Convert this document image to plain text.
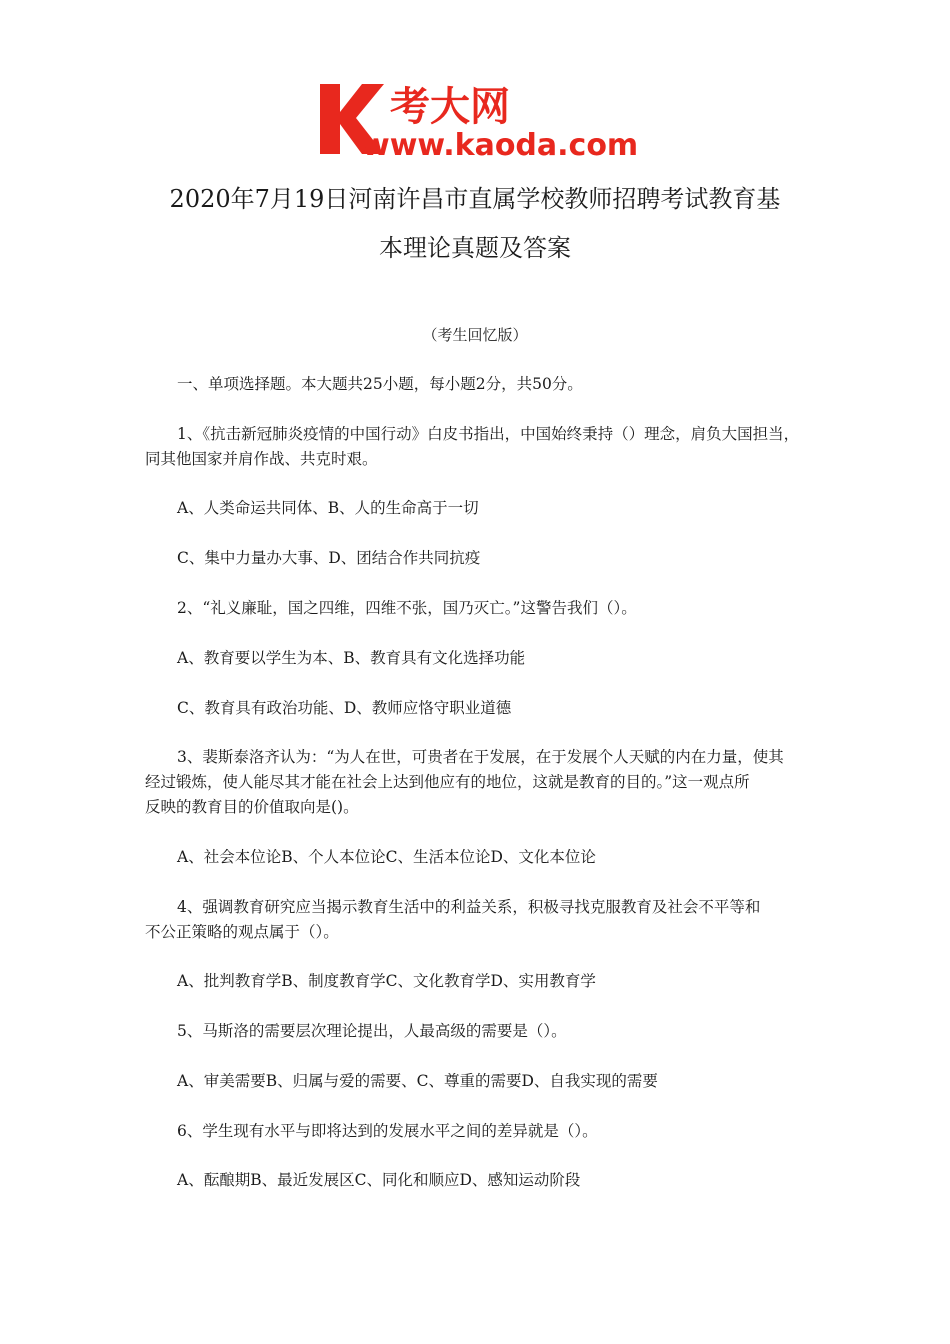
考大网
www.kaoda.com
2020年7月19日河南许昌市直属学校教师招聘考试教育基
本理论真题及答案
（考生回忆版）
一、单项选择题。本大题共25小题，每小题2分，共50分。
1、《抗击新冠肺炎疫情的中国行动》白皮书指出，中国始终秉持（）理念，肩负大国担当，
同其他国家并肩作战、共克时艰。
A、人类命运共同体、B、人的生命高于一切
C、集中力量办大事、D、团结合作共同抗疫
2、“礼义廉耻，国之四维，四维不张，国乃灭亡。”这警告我们（）。
A、教育要以学生为本、B、教育具有文化选择功能
C、教育具有政治功能、D、教师应恪守职业道德
3、裴斯泰洛齐认为：“为人在世，可贵者在于发展，在于发展个人天赋的内在力量，使其
经过锻炼，使人能尽其才能在社会上达到他应有的地位，这就是教育的目的。”这一观点所
反映的教育目的价值取向是()。
A、社会本位论B、个人本位论C、生活本位论D、文化本位论
4、强调教育研究应当揭示教育生活中的利益关系，积极寻找克服教育及社会不平等和
不公正策略的观点属于（）。
A、批判教育学B、制度教育学C、文化教育学D、实用教育学
5、马斯洛的需要层次理论提出，人最高级的需要是（）。
A、审美需要B、归属与爱的需要、C、尊重的需要D、自我实现的需要
6、学生现有水平与即将达到的发展水平之间的差异就是（）。
A、酝酿期B、最近发展区C、同化和顺应D、感知运动阶段
